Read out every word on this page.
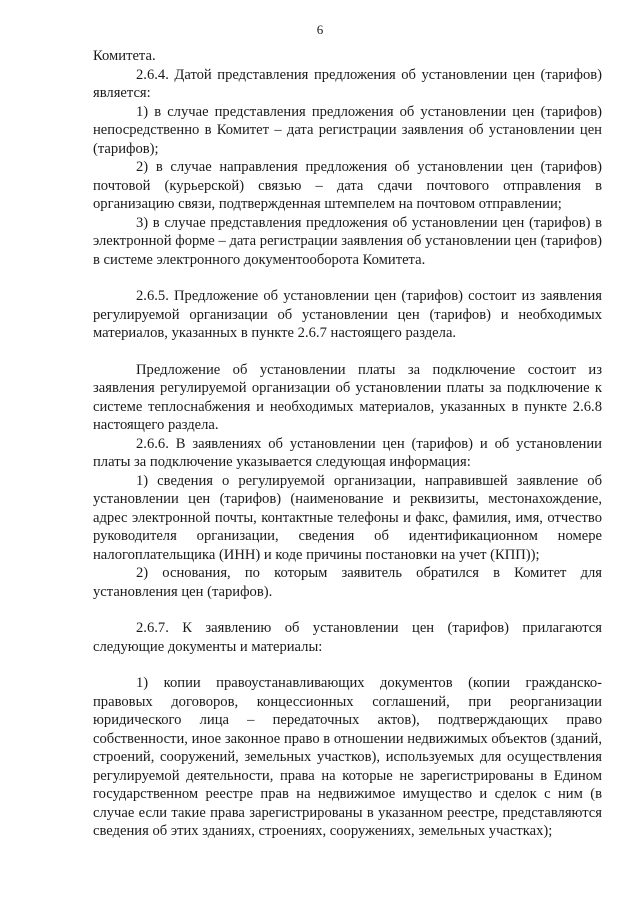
6

Комитета.

2.6.4. Датой представления предложения об установлении цен (тарифов) является:

1) в случае представления предложения об установлении цен (тарифов) непосредственно в Комитет – дата регистрации заявления об установлении цен (тарифов);

2) в случае направления предложения об установлении цен (тарифов) почтовой (курьерской) связью – дата сдачи почтового отправления в организацию связи, подтвержденная штемпелем на почтовом отправлении;

3) в случае представления предложения об установлении цен (тарифов) в электронной форме – дата регистрации заявления об установлении цен (тарифов) в системе электронного документооборота Комитета.

2.6.5. Предложение об установлении цен (тарифов) состоит из заявления регулируемой организации об установлении цен (тарифов) и необходимых материалов, указанных в пункте 2.6.7 настоящего раздела.

Предложение об установлении платы за подключение состоит из заявления регулируемой организации об установлении платы за подключение к системе теплоснабжения и необходимых материалов, указанных в пункте 2.6.8 настоящего раздела.

2.6.6. В заявлениях об установлении цен (тарифов) и об установлении платы за подключение указывается следующая информация:

1) сведения о регулируемой организации, направившей заявление об установлении цен (тарифов) (наименование и реквизиты, местонахождение, адрес электронной почты, контактные телефоны и факс, фамилия, имя, отчество руководителя организации, сведения об идентификационном номере налогоплательщика (ИНН) и коде причины постановки на учет (КПП));

2) основания, по которым заявитель обратился в Комитет для установления цен (тарифов).

2.6.7. К заявлению об установлении цен (тарифов) прилагаются следующие документы и материалы:

1) копии правоустанавливающих документов (копии гражданско-правовых договоров, концессионных соглашений, при реорганизации юридического лица – передаточных актов), подтверждающих право собственности, иное законное право в отношении недвижимых объектов (зданий, строений, сооружений, земельных участков), используемых для осуществления регулируемой деятельности, права на которые не зарегистрированы в Едином государственном реестре прав на недвижимое имущество и сделок с ним (в случае если такие права зарегистрированы в указанном реестре, представляются сведения об этих зданиях, строениях, сооружениях, земельных участках);
